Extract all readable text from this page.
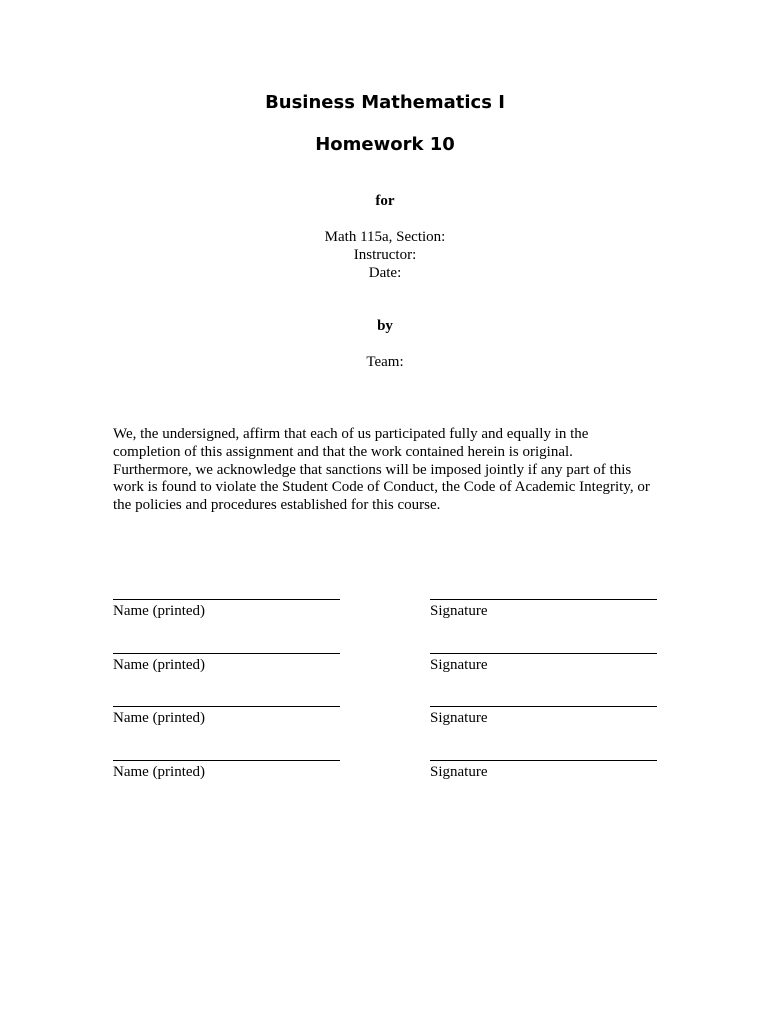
Business Mathematics I
Homework 10
for
Math 115a, Section:
Instructor:
Date:
by
Team:
We, the undersigned, affirm that each of us participated fully and equally in the
completion of this assignment and that the work contained herein is original.
Furthermore, we acknowledge that sanctions will be imposed jointly if any part of this
work is found to violate the Student Code of Conduct, the Code of Academic Integrity, or
the policies and procedures established for this course.
Name (printed)	Signature
Name (printed)	Signature
Name (printed)	Signature
Name (printed)	Signature
